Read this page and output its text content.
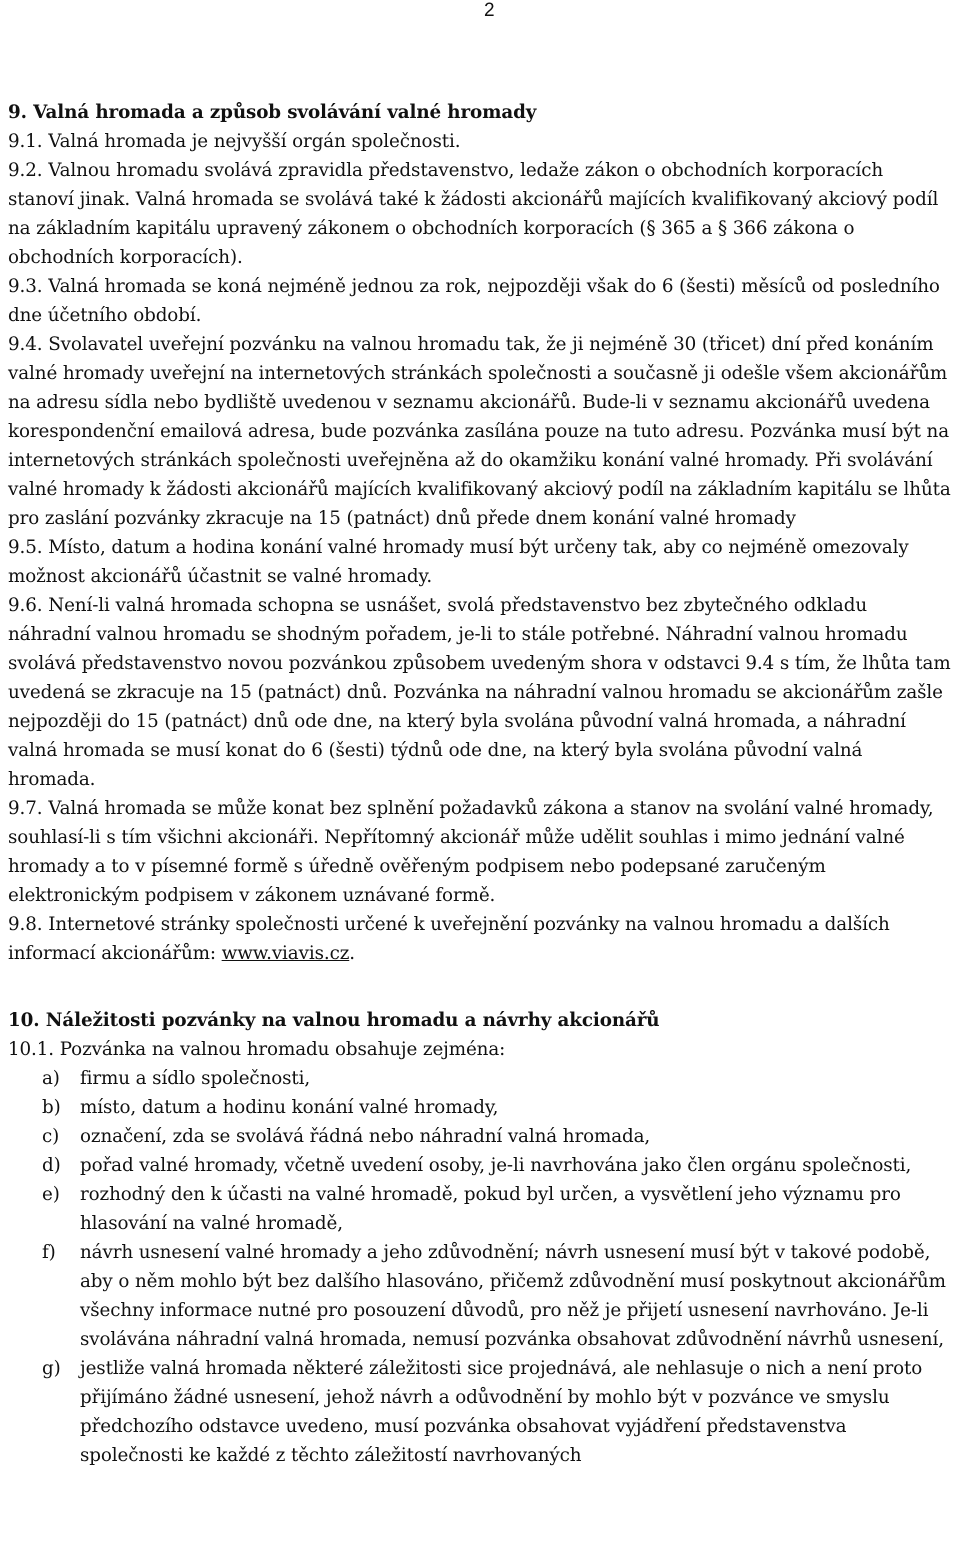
2
9. Valná hromada a způsob svolávání valné hromady

9.1. Valná hromada je nejvyšší orgán společnosti.

9.2. Valnou hromadu svolává zpravidla představenstvo, ledaže zákon o obchodních korporacích stanoví jinak. Valná hromada se svolává také k žádosti akcionářů majících kvalifikovaný akciový podíl na základním kapitálu upravený zákonem o obchodních korporacích (§ 365 a § 366 zákona o obchodních korporacích).

9.3. Valná hromada se koná nejméně jednou za rok, nejpozději však do 6 (šesti) měsíců od posledního dne účetního období.

9.4. Svolavatel uveřejní pozvánku na valnou hromadu tak, že ji nejméně 30 (třicet) dní před konáním valné hromady uveřejní na internetových stránkách společnosti a současně ji odešle všem akcionářům na adresu sídla nebo bydliště uvedenou v seznamu akcionářů. Bude-li v seznamu akcionářů uvedena korespondenční emailová adresa, bude pozvánka zasílána pouze na tuto adresu. Pozvánka musí být na internetových stránkách společnosti uveřejněna až do okamžiku konání valné hromady. Při svolávání valné hromady k žádosti akcionářů majících kvalifikovaný akciový podíl na základním kapitálu se lhůta pro zaslání pozvánky zkracuje na 15 (patnáct) dnů přede dnem konání valné hromady

9.5. Místo, datum a hodina konání valné hromady musí být určeny tak, aby co nejméně omezovaly možnost akcionářů účastnit se valné hromady.

9.6. Není-li valná hromada schopna se usnášet, svolá představenstvo bez zbytečného odkladu náhradní valnou hromadu se shodným pořadem, je-li to stále potřebné. Náhradní valnou hromadu svolává představenstvo novou pozvánkou způsobem uvedeným shora v odstavci 9.4 s tím, že lhůta tam uvedená se zkracuje na 15 (patnáct) dnů. Pozvánka na náhradní valnou hromadu se akcionářům zašle nejpozději do 15 (patnáct) dnů ode dne, na který byla svolána původní valná hromada, a náhradní valná hromada se musí konat do 6 (šesti) týdnů ode dne, na který byla svolána původní valná hromada.

9.7. Valná hromada se může konat bez splnění požadavků zákona a stanov na svolání valné hromady, souhlasí-li s tím všichni akcionáři. Nepřítomný akcionář může udělit souhlas i mimo jednání valné hromady a to v písemné formě s úředně ověřeným podpisem nebo podepsané zaručeným elektronickým podpisem v zákonem uznávané formě.

9.8. Internetové stránky společnosti určené k uveřejnění pozvánky na valnou hromadu a dalších informací akcionářům: www.viavis.cz.

10. Náležitosti pozvánky na valnou hromadu a návrhy akcionářů

10.1. Pozvánka na valnou hromadu obsahuje zejména:

a)	firmu a sídlo společnosti,
b)	místo, datum a hodinu konání valné hromady,
c)	označení, zda se svolává řádná nebo náhradní valná hromada,
d)	pořad valné hromady, včetně uvedení osoby, je-li navrhována jako člen orgánu společnosti,
e)	rozhodný den k účasti na valné hromadě, pokud byl určen, a vysvětlení jeho významu pro hlasování na valné hromadě,
f)	návrh usnesení valné hromady a jeho zdůvodnění; návrh usnesení musí být v takové podobě, aby o něm mohlo být bez dalšího hlasováno, přičemž zdůvodnění musí poskytnout akcionářům všechny informace nutné pro posouzení důvodů, pro něž je přijetí usnesení navrhováno. Je-li svolávána náhradní valná hromada, nemusí pozvánka obsahovat zdůvodnění návrhů usnesení,
g)	jestliže valná hromada některé záležitosti sice projednává, ale nehlasuje o nich a není proto přijímáno žádné usnesení, jehož návrh a odůvodnění by mohlo být v pozvánce ve smyslu předchozího odstavce uvedeno, musí pozvánka obsahovat vyjádření představenstva společnosti ke každé z těchto záležitostí navrhovaných
